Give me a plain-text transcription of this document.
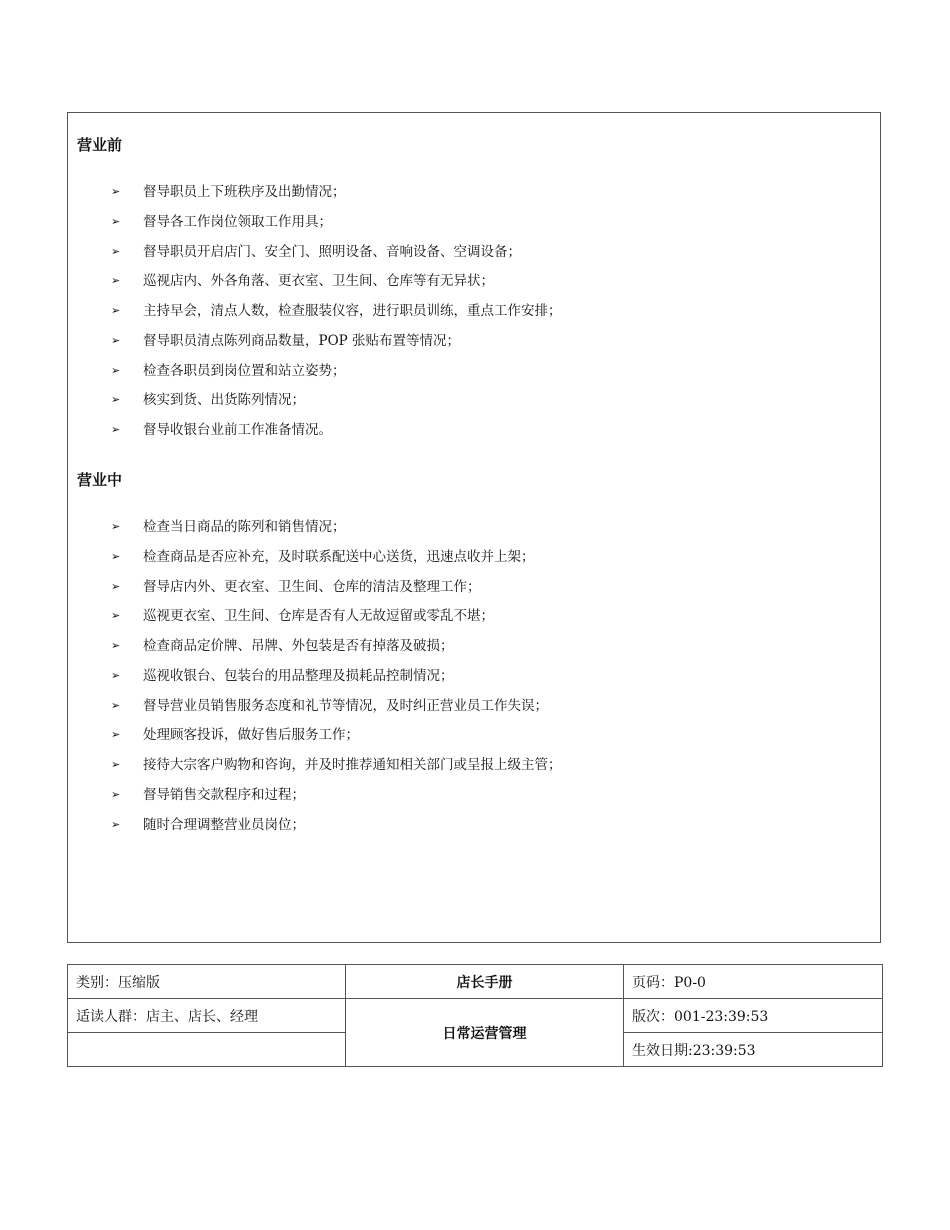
营业前
➢ 督导职员上下班秩序及出勤情况；
➢ 督导各工作岗位领取工作用具；
➢ 督导职员开启店门、安全门、照明设备、音响设备、空调设备；
➢ 巡视店内、外各角落、更衣室、卫生间、仓库等有无异状；
➢ 主持早会，清点人数，检查服装仪容，进行职员训练，重点工作安排；
➢ 督导职员清点陈列商品数量，POP 张贴布置等情况；
➢ 检查各职员到岗位置和站立姿势；
➢ 核实到货、出货陈列情况；
➢ 督导收银台业前工作准备情况。
营业中
➢ 检查当日商品的陈列和销售情况；
➢ 检查商品是否应补充，及时联系配送中心送货，迅速点收并上架；
➢ 督导店内外、更衣室、卫生间、仓库的清洁及整理工作；
➢ 巡视更衣室、卫生间、仓库是否有人无故逗留或零乱不堪；
➢ 检查商品定价牌、吊牌、外包装是否有掉落及破损；
➢ 巡视收银台、包装台的用品整理及损耗品控制情况；
➢ 督导营业员销售服务态度和礼节等情况，及时纠正营业员工作失误；
➢ 处理顾客投诉，做好售后服务工作；
➢ 接待大宗客户购物和咨询，并及时推荐通知相关部门或呈报上级主管；
➢ 督导销售交款程序和过程；
➢ 随时合理调整营业员岗位；
类别：压缩版	店长手册	页码：P0-0
适读人群：店主、店长、经理	日常运营管理	版次：001-23:39:53
		生效日期:23:39:53
